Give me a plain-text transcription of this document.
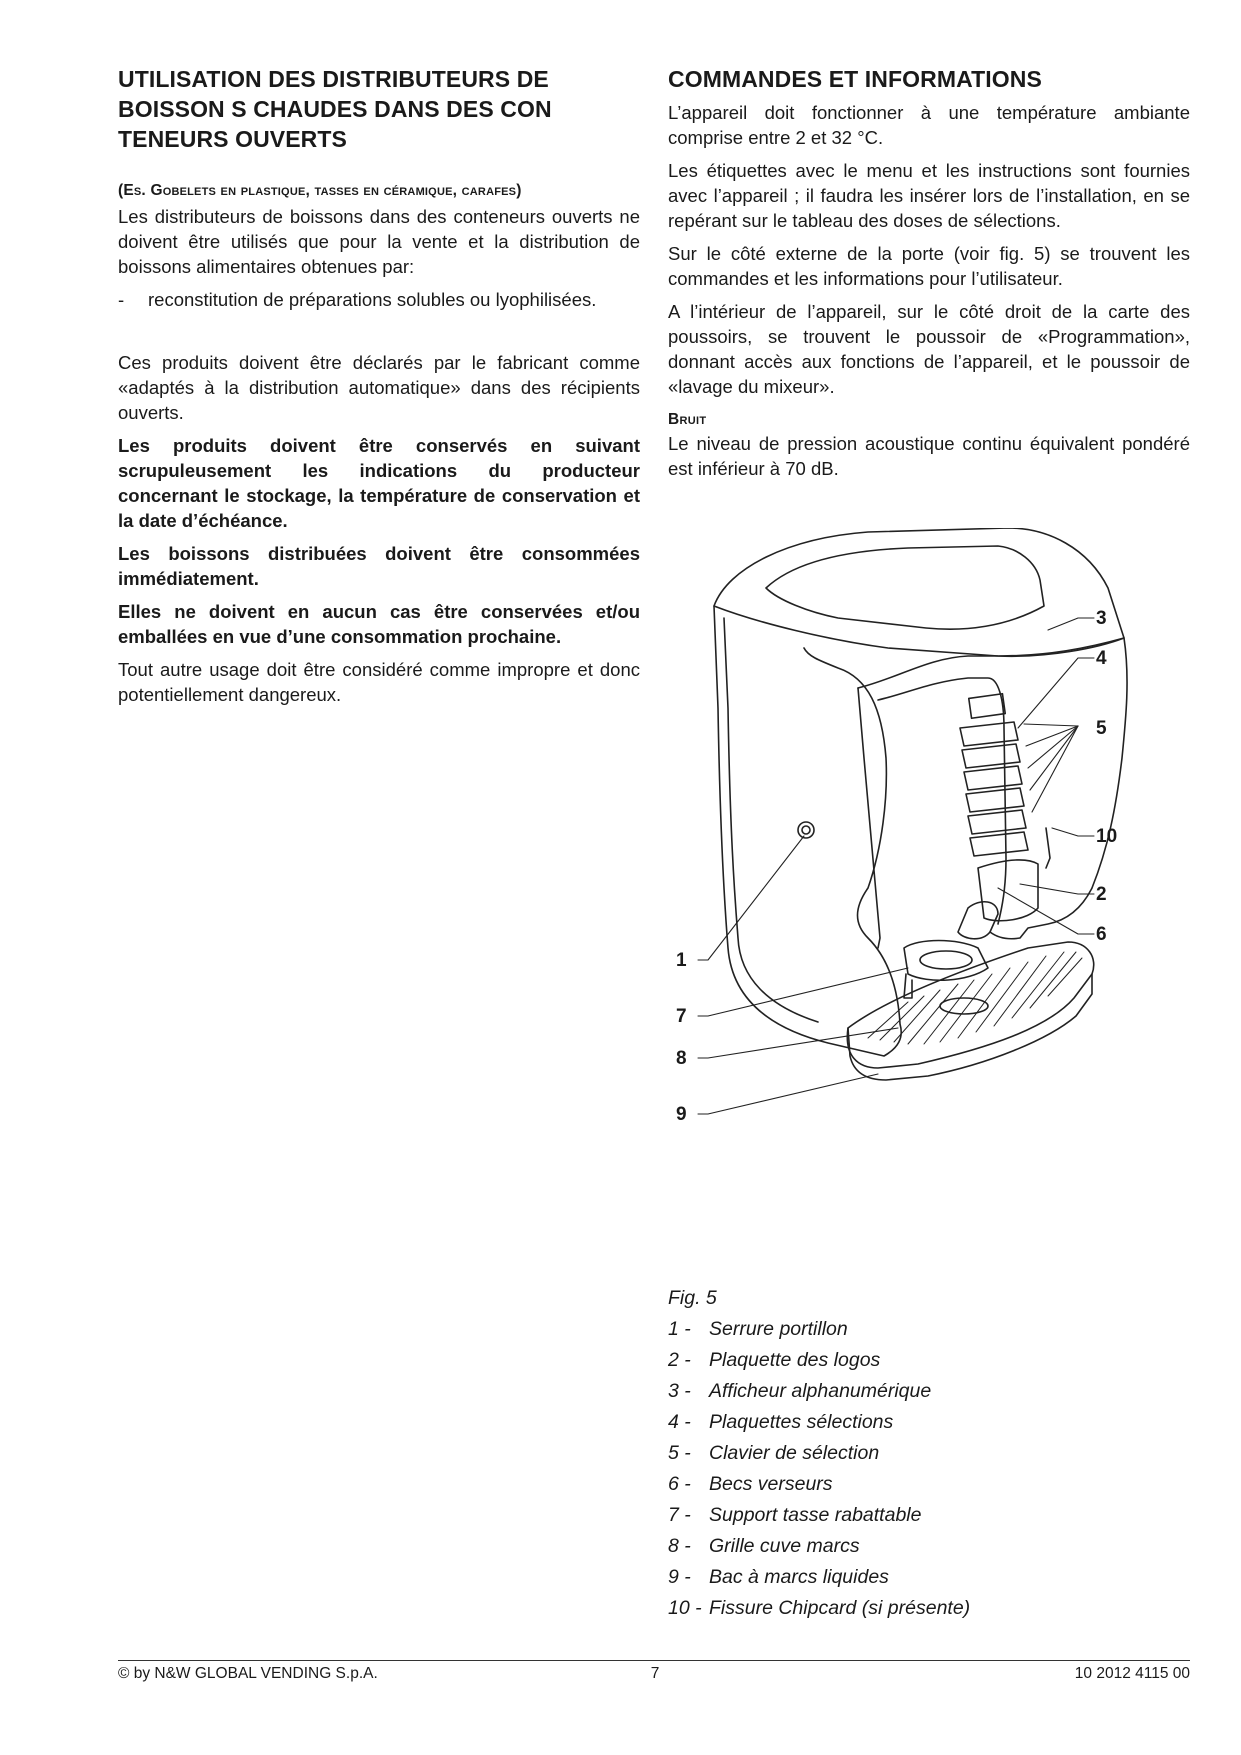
UTILISATION DES DISTRIBUTEURS DE BOISSON S CHAUDES DANS DES CON TENEURS OUVERTS
(Es. Gobelets en plastique, tasses en céramique, carafes)

Les distributeurs de boissons dans des conteneurs ouverts ne doivent être utilisés que pour la vente et la distribution de boissons alimentaires obtenues par:

-	reconstitution de préparations solubles ou lyophilisées.

Ces produits doivent être déclarés par le fabricant comme «adaptés à la distribution automatique» dans des récipients ouverts.

Les produits doivent être conservés en suivant scrupuleusement les indications du producteur concernant le stockage, la température de conservation et la date d’échéance.

Les boissons distribuées doivent être consommées immédiatement.

Elles ne doivent en aucun cas être conservées et/ou emballées en vue d’une consommation prochaine.

Tout autre usage doit être considéré comme impropre et donc potentiellement dangereux.

COMMANDES ET INFORMATIONS

L’appareil doit fonctionner à une température ambiante comprise entre 2 et 32 °C.

Les étiquettes avec le menu et les instructions sont fournies avec l’appareil ; il faudra les insérer lors de l’installation, en se repérant sur le tableau des doses de sélections.

Sur le côté externe de la porte (voir fig. 5) se trouvent les commandes et les informations pour l’utilisateur.

A l’intérieur de l’appareil, sur le côté droit de la carte des poussoirs, se trouvent le poussoir de «Programmation», donnant accès aux fonctions de l’appareil, et le poussoir de «lavage du mixeur».

Bruit

Le niveau de pression acoustique continu équivalent pondéré est inférieur à 70 dB.

1
2
3
4
5
6
7
8
9
10
Fig. 5
1 - Serrure portillon
2 - Plaquette des logos
3 - Afficheur alphanumérique
4 - Plaquettes sélections
5 - Clavier de sélection
6 - Becs verseurs
7 - Support tasse rabattable
8 - Grille cuve marcs
9 - Bac à marcs liquides
10 - Fissure Chipcard (si présente)
© by N&W GLOBAL VENDING S.p.A.	7	10 2012 4115 00
